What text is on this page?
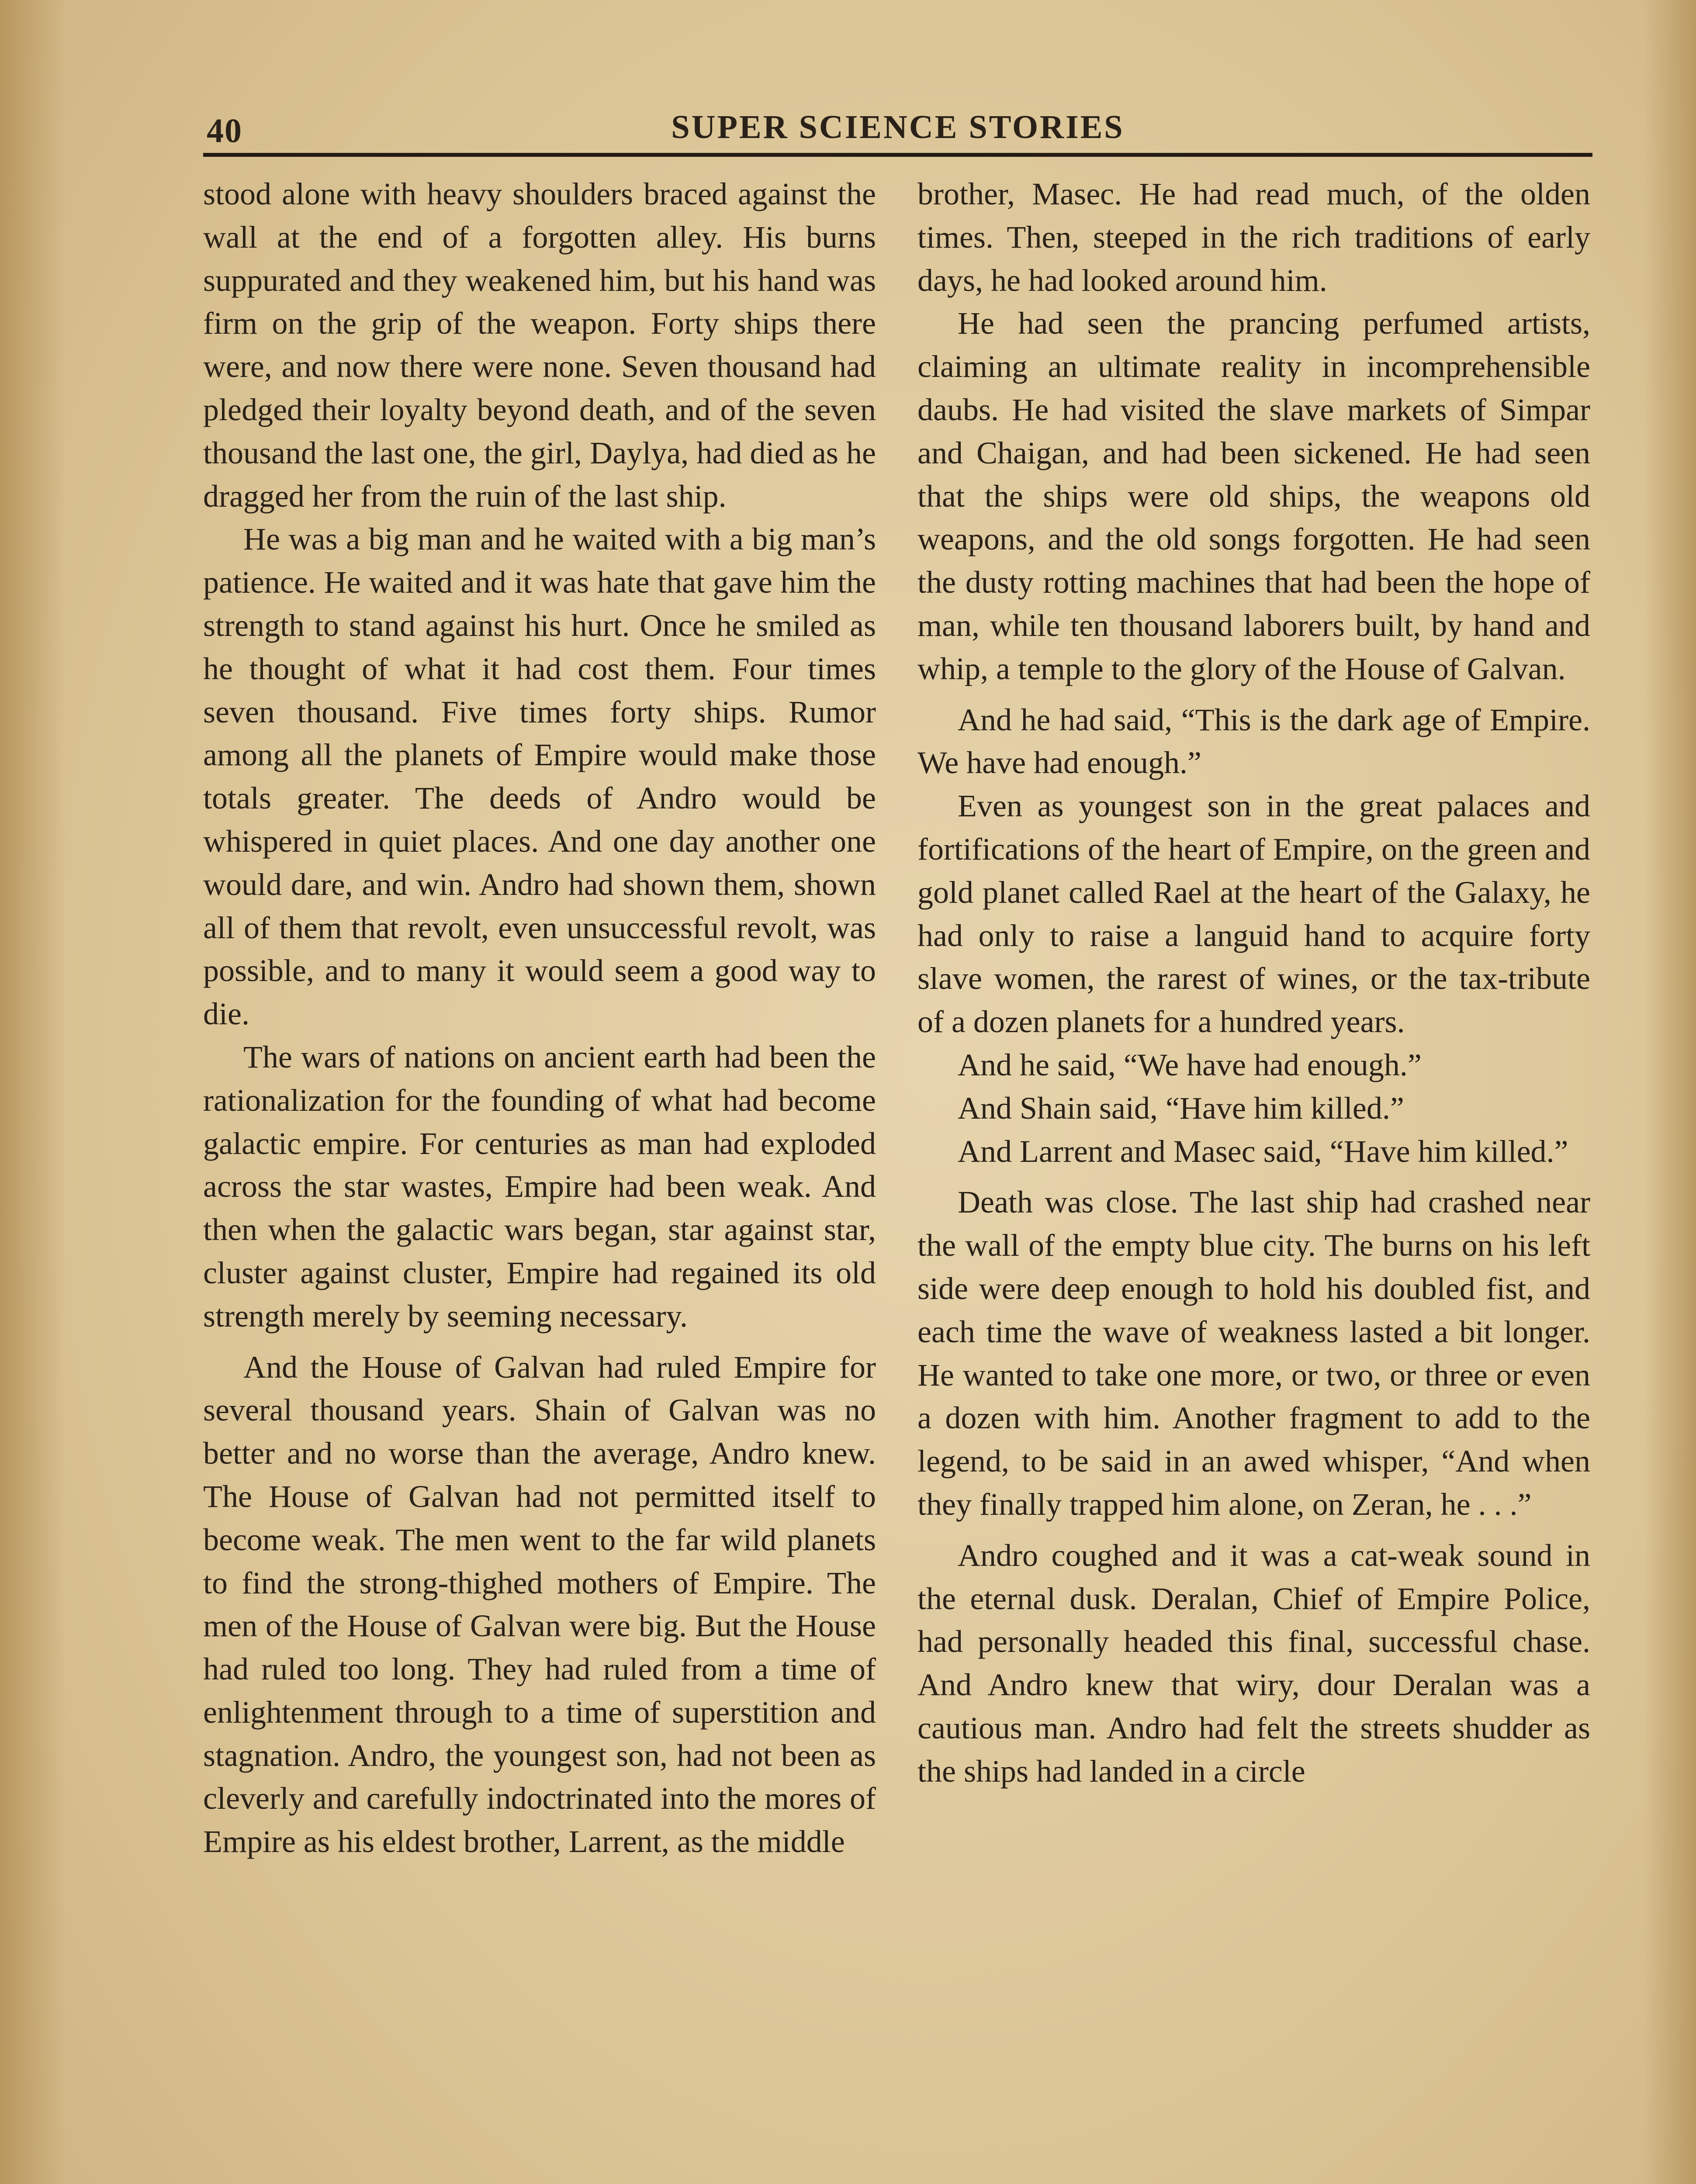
40	SUPER SCIENCE STORIES

stood alone with heavy shoulders braced against the wall at the end of a forgotten alley. His burns suppurated and they weakened him, but his hand was firm on the grip of the weapon. Forty ships there were, and now there were none. Seven thousand had pledged their loyalty beyond death, and of the seven thousand the last one, the girl, Daylya, had died as he dragged her from the ruin of the last ship.

He was a big man and he waited with a big man’s patience. He waited and it was hate that gave him the strength to stand against his hurt. Once he smiled as he thought of what it had cost them. Four times seven thousand. Five times forty ships. Rumor among all the planets of Empire would make those totals greater. The deeds of Andro would be whispered in quiet places. And one day another one would dare, and win. Andro had shown them, shown all of them that revolt, even unsuccessful revolt, was possible, and to many it would seem a good way to die.

The wars of nations on ancient earth had been the rationalization for the founding of what had become galactic empire. For centuries as man had exploded across the star wastes, Empire had been weak. And then when the galactic wars began, star against star, cluster against cluster, Empire had regained its old strength merely by seeming necessary.

And the House of Galvan had ruled Empire for several thousand years. Shain of Galvan was no better and no worse than the average, Andro knew. The House of Galvan had not permitted itself to become weak. The men went to the far wild planets to find the strong-thighed mothers of Empire. The men of the House of Galvan were big. But the House had ruled too long. They had ruled from a time of enlightenment through to a time of superstition and stagnation. Andro, the youngest son, had not been as cleverly and carefully indoctrinated into the mores of Empire as his eldest brother, Larrent, as the middle

brother, Masec. He had read much, of the olden times. Then, steeped in the rich traditions of early days, he had looked around him.

He had seen the prancing perfumed artists, claiming an ultimate reality in incomprehensible daubs. He had visited the slave markets of Simpar and Chaigan, and had been sickened. He had seen that the ships were old ships, the weapons old weapons, and the old songs forgotten. He had seen the dusty rotting machines that had been the hope of man, while ten thousand laborers built, by hand and whip, a temple to the glory of the House of Galvan.

And he had said, “This is the dark age of Empire. We have had enough.”

Even as youngest son in the great palaces and fortifications of the heart of Empire, on the green and gold planet called Rael at the heart of the Galaxy, he had only to raise a languid hand to acquire forty slave women, the rarest of wines, or the tax-tribute of a dozen planets for a hundred years.

And he said, “We have had enough.”

And Shain said, “Have him killed.”

And Larrent and Masec said, “Have him killed.”

Death was close. The last ship had crashed near the wall of the empty blue city. The burns on his left side were deep enough to hold his doubled fist, and each time the wave of weakness lasted a bit longer. He wanted to take one more, or two, or three or even a dozen with him. Another fragment to add to the legend, to be said in an awed whisper, “And when they finally trapped him alone, on Zeran, he . . .”

Andro coughed and it was a cat-weak sound in the eternal dusk. Deralan, Chief of Empire Police, had personally headed this final, successful chase. And Andro knew that wiry, dour Deralan was a cautious man. Andro had felt the streets shudder as the ships had landed in a circle
